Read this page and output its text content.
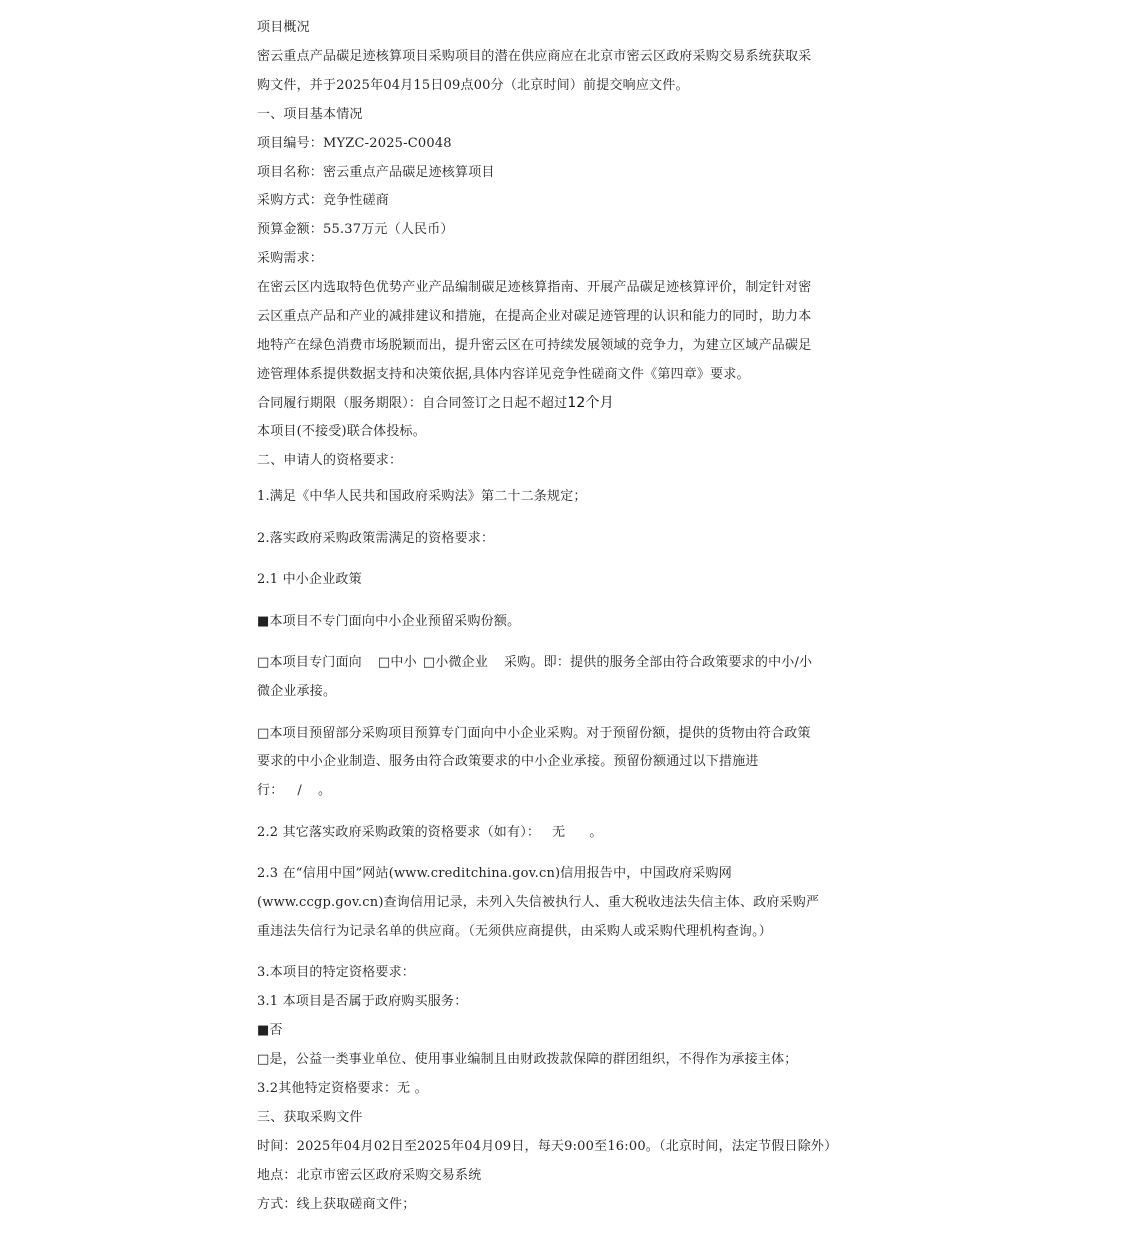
项目概况
密云重点产品碳足迹核算项目采购项目的潜在供应商应在北京市密云区政府采购交易系统获取采
购文件，并于2025年04月15日09点00分（北京时间）前提交响应文件。
一、项目基本情况
项目编号：MYZC-2025-C0048
项目名称：密云重点产品碳足迹核算项目
采购方式：竞争性磋商
预算金额：55.37万元（人民币）
采购需求：
在密云区内选取特色优势产业产品编制碳足迹核算指南、开展产品碳足迹核算评价，制定针对密
云区重点产品和产业的减排建议和措施，在提高企业对碳足迹管理的认识和能力的同时，助力本
地特产在绿色消费市场脱颖而出，提升密云区在可持续发展领域的竞争力，为建立区域产品碳足
迹管理体系提供数据支持和决策依据,具体内容详见竞争性磋商文件《第四章》要求。
合同履行期限（服务期限）：自合同签订之日起不超过12个月
本项目(不接受)联合体投标。
二、申请人的资格要求：
1.满足《中华人民共和国政府采购法》第二十二条规定；
2.落实政府采购政策需满足的资格要求：
2.1 中小企业政策
■本项目不专门面向中小企业预留采购份额。
□本项目专门面向 □中小 □小微企业 采购。即：提供的服务全部由符合政策要求的中小/小
微企业承接。
□本项目预留部分采购项目预算专门面向中小企业采购。对于预留份额，提供的货物由符合政策
要求的中小企业制造、服务由符合政策要求的中小企业承接。预留份额通过以下措施进
行： / 。
2.2 其它落实政府采购政策的资格要求（如有）： 无 。
2.3 在“信用中国”网站(www.creditchina.gov.cn)信用报告中，中国政府采购网
(www.ccgp.gov.cn)查询信用记录，未列入失信被执行人、重大税收违法失信主体、政府采购严
重违法失信行为记录名单的供应商。（无须供应商提供，由采购人或采购代理机构查询。）
3.本项目的特定资格要求：
3.1 本项目是否属于政府购买服务：
■否
□是，公益一类事业单位、使用事业编制且由财政拨款保障的群团组织，不得作为承接主体；
3.2其他特定资格要求：无 。
三、获取采购文件
时间：2025年04月02日至2025年04月09日，每天9:00至16:00。（北京时间，法定节假日除外）
地点：北京市密云区政府采购交易系统
方式：线上获取磋商文件；
